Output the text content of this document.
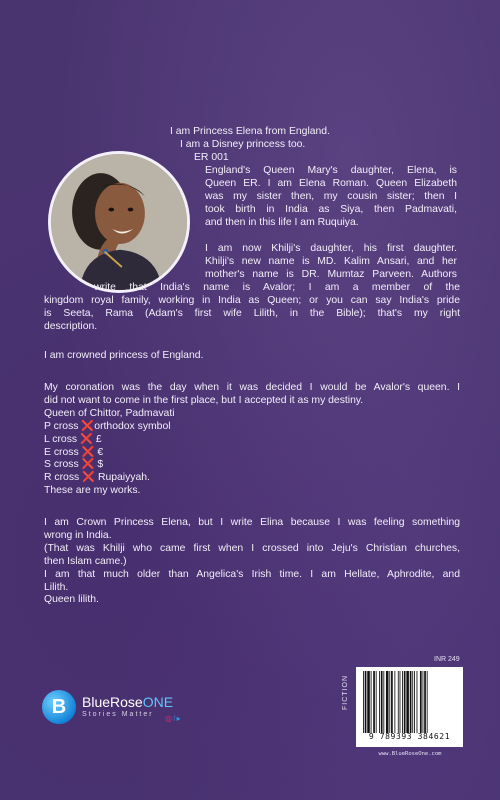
I am Princess Elena from England.
I am a Disney princess too.
ER 001
England's Queen Mary's daughter, Elena, is
Queen ER. I am Elena Roman. Queen Elizabeth
was my sister then, my cousin sister; then I
took birth in India as Siya, then Padmavati,
and then in this life I am Ruquiya.
I am now Khilji's daughter, his first daughter.
Khilji's new name is MD. Kalim Ansari, and her
mother's name is DR. Mumtaz Parveen. Authors
write that India's name is Avalor; I am a member of the
kingdom royal family, working in India as Queen; or you can say India's pride
is Seeta, Rama (Adam's first wife Lilith, in the Bible); that's my right
description.
I am crowned princess of England.
My coronation was the day when it was decided I would be Avalor's queen. I
did not want to come in the first place, but I accepted it as my destiny.
Queen of Chittor, Padmavati
P cross ❌orthodox symbol
L cross ❌ £
E cross ❌ €
S cross ❌ $
R cross ❌ Rupaiyyah.
These are my works.
I am Crown Princess Elena, but I write Elina because I was feeling something
wrong in India.
(That was Khilji who came first when I crossed into Jeju's Christian churches,
then Islam came.)
I am that much older than Angelica's Irish time. I am Hellate, Aphrodite, and
Lilith.
Queen lilith.
B	BlueRoseONE
Stories Matter ◎f▸
INR 249
FICTION
9 789393 384621
www.BlueRoseOne.com
